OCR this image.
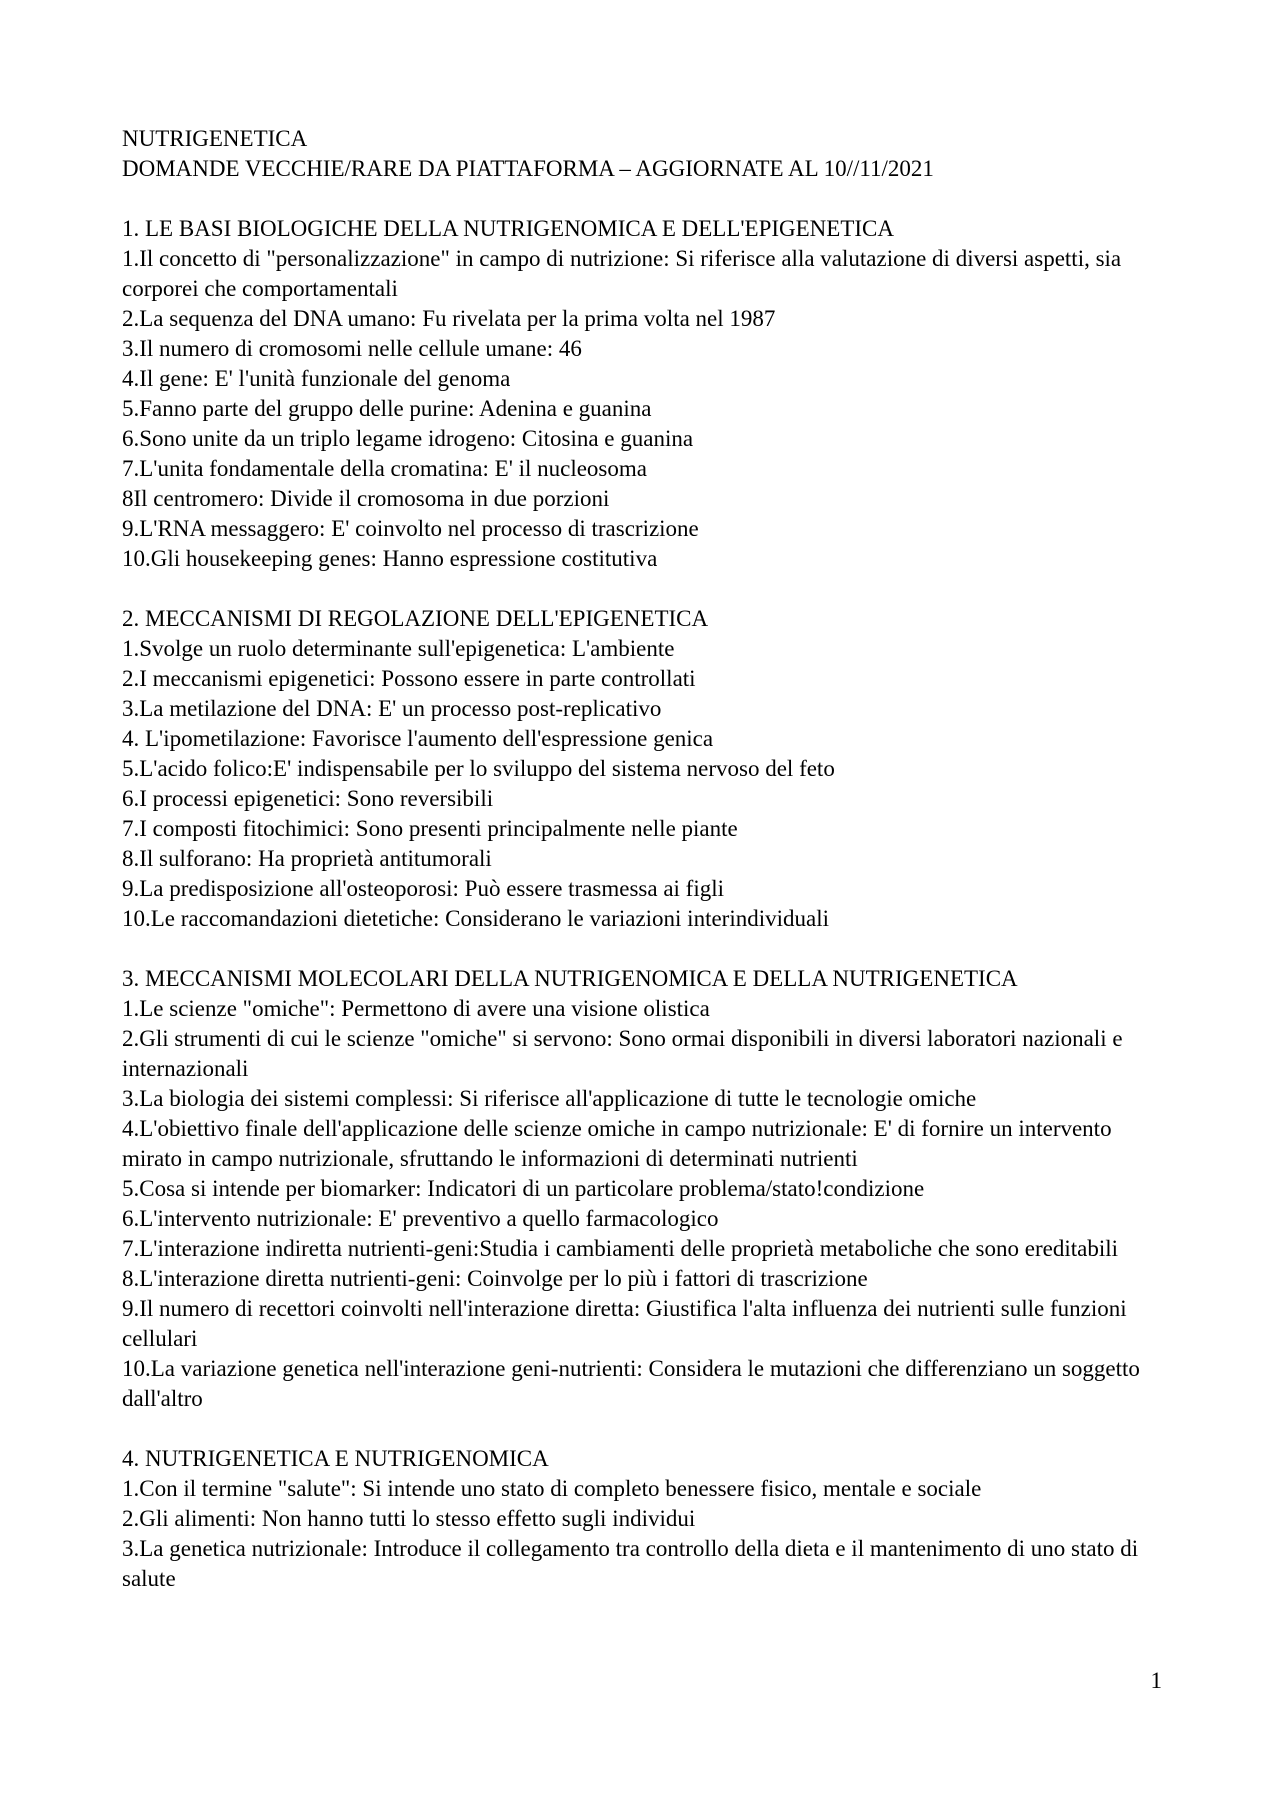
NUTRIGENETICA

DOMANDE VECCHIE/RARE DA PIATTAFORMA – AGGIORNATE AL 10//11/2021

1. LE BASI BIOLOGICHE DELLA NUTRIGENOMICA E DELL'EPIGENETICA

1.Il concetto di "personalizzazione" in campo di nutrizione: Si riferisce alla valutazione di diversi aspetti, sia corporei che comportamentali

2.La sequenza del DNA umano: Fu rivelata per la prima volta nel 1987

3.Il numero di cromosomi nelle cellule umane: 46

4.Il gene: E' l'unità funzionale del genoma

5.Fanno parte del gruppo delle purine: Adenina e guanina

6.Sono unite da un triplo legame idrogeno: Citosina e guanina

7.L'unita fondamentale della cromatina: E' il nucleosoma

8Il centromero: Divide il cromosoma in due porzioni

9.L'RNA messaggero: E' coinvolto nel processo di trascrizione

10.Gli housekeeping genes: Hanno espressione costitutiva

2. MECCANISMI DI REGOLAZIONE DELL'EPIGENETICA

1.Svolge un ruolo determinante sull'epigenetica: L'ambiente

2.I meccanismi epigenetici: Possono essere in parte controllati

3.La metilazione del DNA: E' un processo post-replicativo

4. L'ipometilazione: Favorisce l'aumento dell'espressione genica

5.L'acido folico:E' indispensabile per lo sviluppo del sistema nervoso del feto

6.I processi epigenetici: Sono reversibili

7.I composti fitochimici: Sono presenti principalmente nelle piante

8.Il sulforano: Ha proprietà antitumorali

9.La predisposizione all'osteoporosi: Può essere trasmessa ai figli

10.Le raccomandazioni dietetiche: Considerano le variazioni interindividuali

3. MECCANISMI MOLECOLARI DELLA NUTRIGENOMICA E DELLA NUTRIGENETICA

1.Le scienze "omiche": Permettono di avere una visione olistica

2.Gli strumenti di cui le scienze "omiche" si servono: Sono ormai disponibili in diversi laboratori nazionali e internazionali

3.La biologia dei sistemi complessi: Si riferisce all'applicazione di tutte le tecnologie omiche

4.L'obiettivo finale dell'applicazione delle scienze omiche in campo nutrizionale: E' di fornire un intervento mirato in campo nutrizionale, sfruttando le informazioni di determinati nutrienti

5.Cosa si intende per biomarker: Indicatori di un particolare problema/stato!condizione

6.L'intervento nutrizionale: E' preventivo a quello farmacologico

7.L'interazione indiretta nutrienti-geni:Studia i cambiamenti delle proprietà metaboliche che sono ereditabili

8.L'interazione diretta nutrienti-geni: Coinvolge per lo più i fattori di trascrizione

9.Il numero di recettori coinvolti nell'interazione diretta: Giustifica l'alta influenza dei nutrienti sulle funzioni cellulari

10.La variazione genetica nell'interazione geni-nutrienti: Considera le mutazioni che differenziano un soggetto dall'altro

4. NUTRIGENETICA E NUTRIGENOMICA

1.Con il termine "salute": Si intende uno stato di completo benessere fisico, mentale e sociale

2.Gli alimenti: Non hanno tutti lo stesso effetto sugli individui

3.La genetica nutrizionale: Introduce il collegamento tra controllo della dieta e il mantenimento di uno stato di salute

1
